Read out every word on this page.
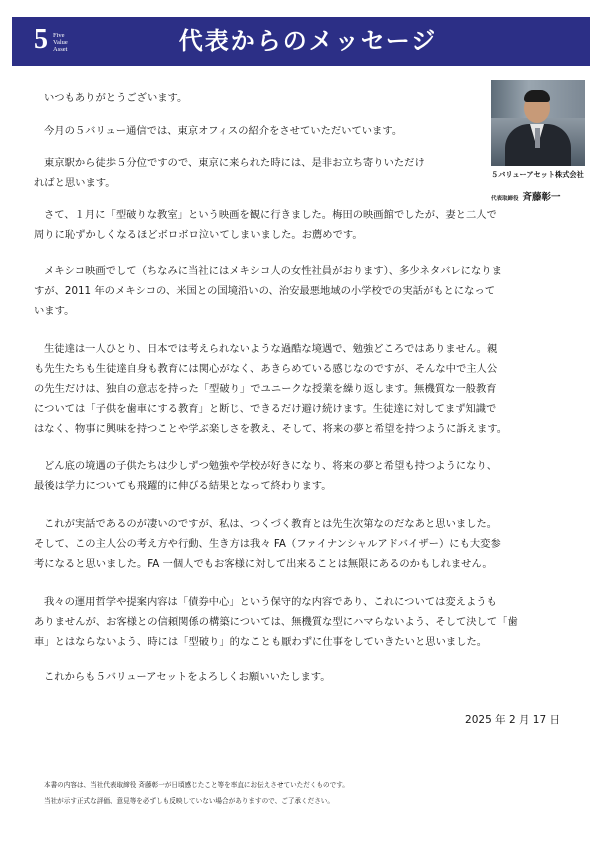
5 Five
Value
Asset	代表からのメッセージ
５バリューアセット株式会社
代表取締役 斉藤彰一

いつもありがとうございます。

今月の５バリュー通信では、東京オフィスの紹介をさせていただいています。

東京駅から徒歩５分位ですので、東京に来られた時には、是非お立ち寄りいただけ

ればと思います。

さて、１月に「型破りな教室」という映画を観に行きました。梅田の映画館でしたが、妻と二人で

周りに恥ずかしくなるほどボロボロ泣いてしまいました。お薦めです。

メキシコ映画でして（ちなみに当社にはメキシコ人の女性社員がおります）、多少ネタバレになりま

すが、2011 年のメキシコの、米国との国境沿いの、治安最悪地域の小学校での実話がもとになって

います。

生徒達は一人ひとり、日本では考えられないような過酷な境遇で、勉強どころではありません。親

も先生たちも生徒達自身も教育には関心がなく、あきらめている感じなのですが、そんな中で主人公

の先生だけは、独自の意志を持った「型破り」でユニークな授業を繰り返します。無機質な一般教育

については「子供を歯車にする教育」と断じ、できるだけ避け続けます。生徒達に対してまず知識で

はなく、物事に興味を持つことや学ぶ楽しさを教え、そして、将来の夢と希望を持つように訴えます。

どん底の境遇の子供たちは少しずつ勉強や学校が好きになり、将来の夢と希望も持つようになり、

最後は学力についても飛躍的に伸びる結果となって終わります。

これが実話であるのが凄いのですが、私は、つくづく教育とは先生次第なのだなあと思いました。

そして、この主人公の考え方や行動、生き方は我々 FA（ファイナンシャルアドバイザー）にも大変参

考になると思いました。FA 一個人でもお客様に対して出来ることは無限にあるのかもしれません。

我々の運用哲学や提案内容は「債券中心」という保守的な内容であり、これについては変えようも

ありませんが、お客様との信頼関係の構築については、無機質な型にハマらないよう、そして決して「歯

車」とはならないよう、時には「型破り」的なことも厭わずに仕事をしていきたいと思いました。

これからも５バリューアセットをよろしくお願いいたします。

2025 年 2 月 17 日
本書の内容は、当社代表取締役 斉藤彰一が日頃感じたこと等を率直にお伝えさせていただくものです。
当社が示す正式な評価、意見等を必ずしも反映していない場合がありますので、ご了承ください。
